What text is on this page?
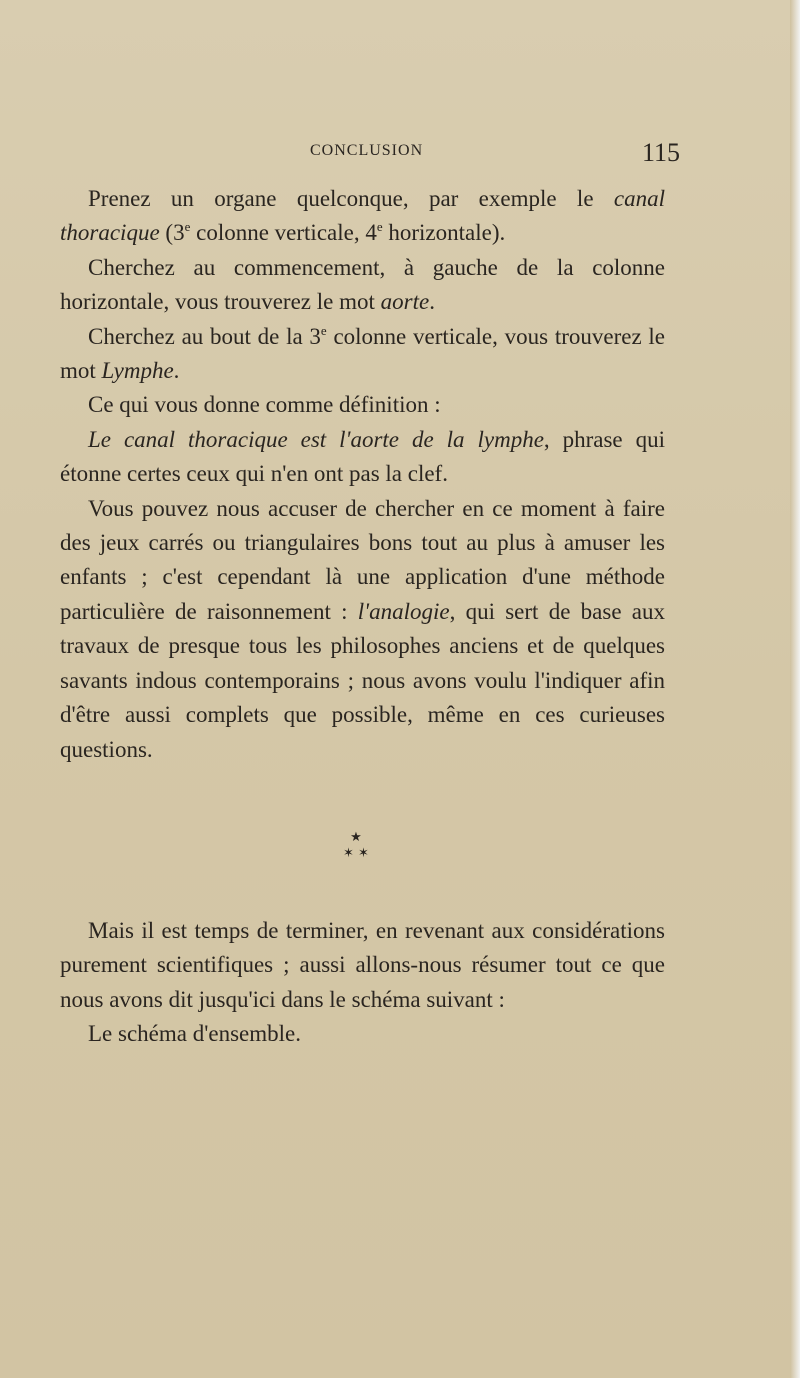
CONCLUSION	115

Prenez un organe quelconque, par exemple le canal thoracique (3e colonne verticale, 4e horizontale).

Cherchez au commencement, à gauche de la colonne horizontale, vous trouverez le mot aorte.

Cherchez au bout de la 3e colonne verticale, vous trouverez le mot Lymphe.

Ce qui vous donne comme définition :

Le canal thoracique est l'aorte de la lymphe, phrase qui étonne certes ceux qui n'en ont pas la clef.

Vous pouvez nous accuser de chercher en ce moment à faire des jeux carrés ou triangulaires bons tout au plus à amuser les enfants ; c'est cependant là une application d'une méthode particulière de raisonnement : l'analogie, qui sert de base aux travaux de presque tous les philosophes anciens et de quelques savants indous contemporains ; nous avons voulu l'indiquer afin d'être aussi complets que possible, même en ces curieuses questions.

★
✶ ✶

Mais il est temps de terminer, en revenant aux considérations purement scientifiques ; aussi allons-nous résumer tout ce que nous avons dit jusqu'ici dans le schéma suivant :

Le schéma d'ensemble.
